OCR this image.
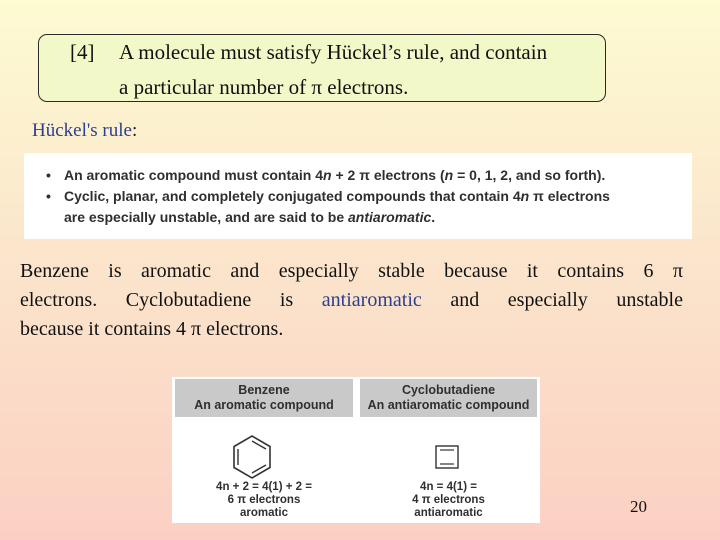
[4] A molecule must satisfy Hückel’s rule, and contain
a particular number of π electrons.
Hückel's rule:
• An aromatic compound must contain 4n + 2 π electrons (n = 0, 1, 2, and so forth).
• Cyclic, planar, and completely conjugated compounds that contain 4n π electrons
are especially unstable, and are said to be antiaromatic.
Benzene is aromatic and especially stable because it contains 6 π
electrons. Cyclobutadiene is antiaromatic and especially unstable
because it contains 4 π electrons.
Benzene
An aromatic compound
Cyclobutadiene
An antiaromatic compound
4n + 2 = 4(1) + 2 =
6 π electrons
aromatic
4n = 4(1) =
4 π electrons
antiaromatic	20
